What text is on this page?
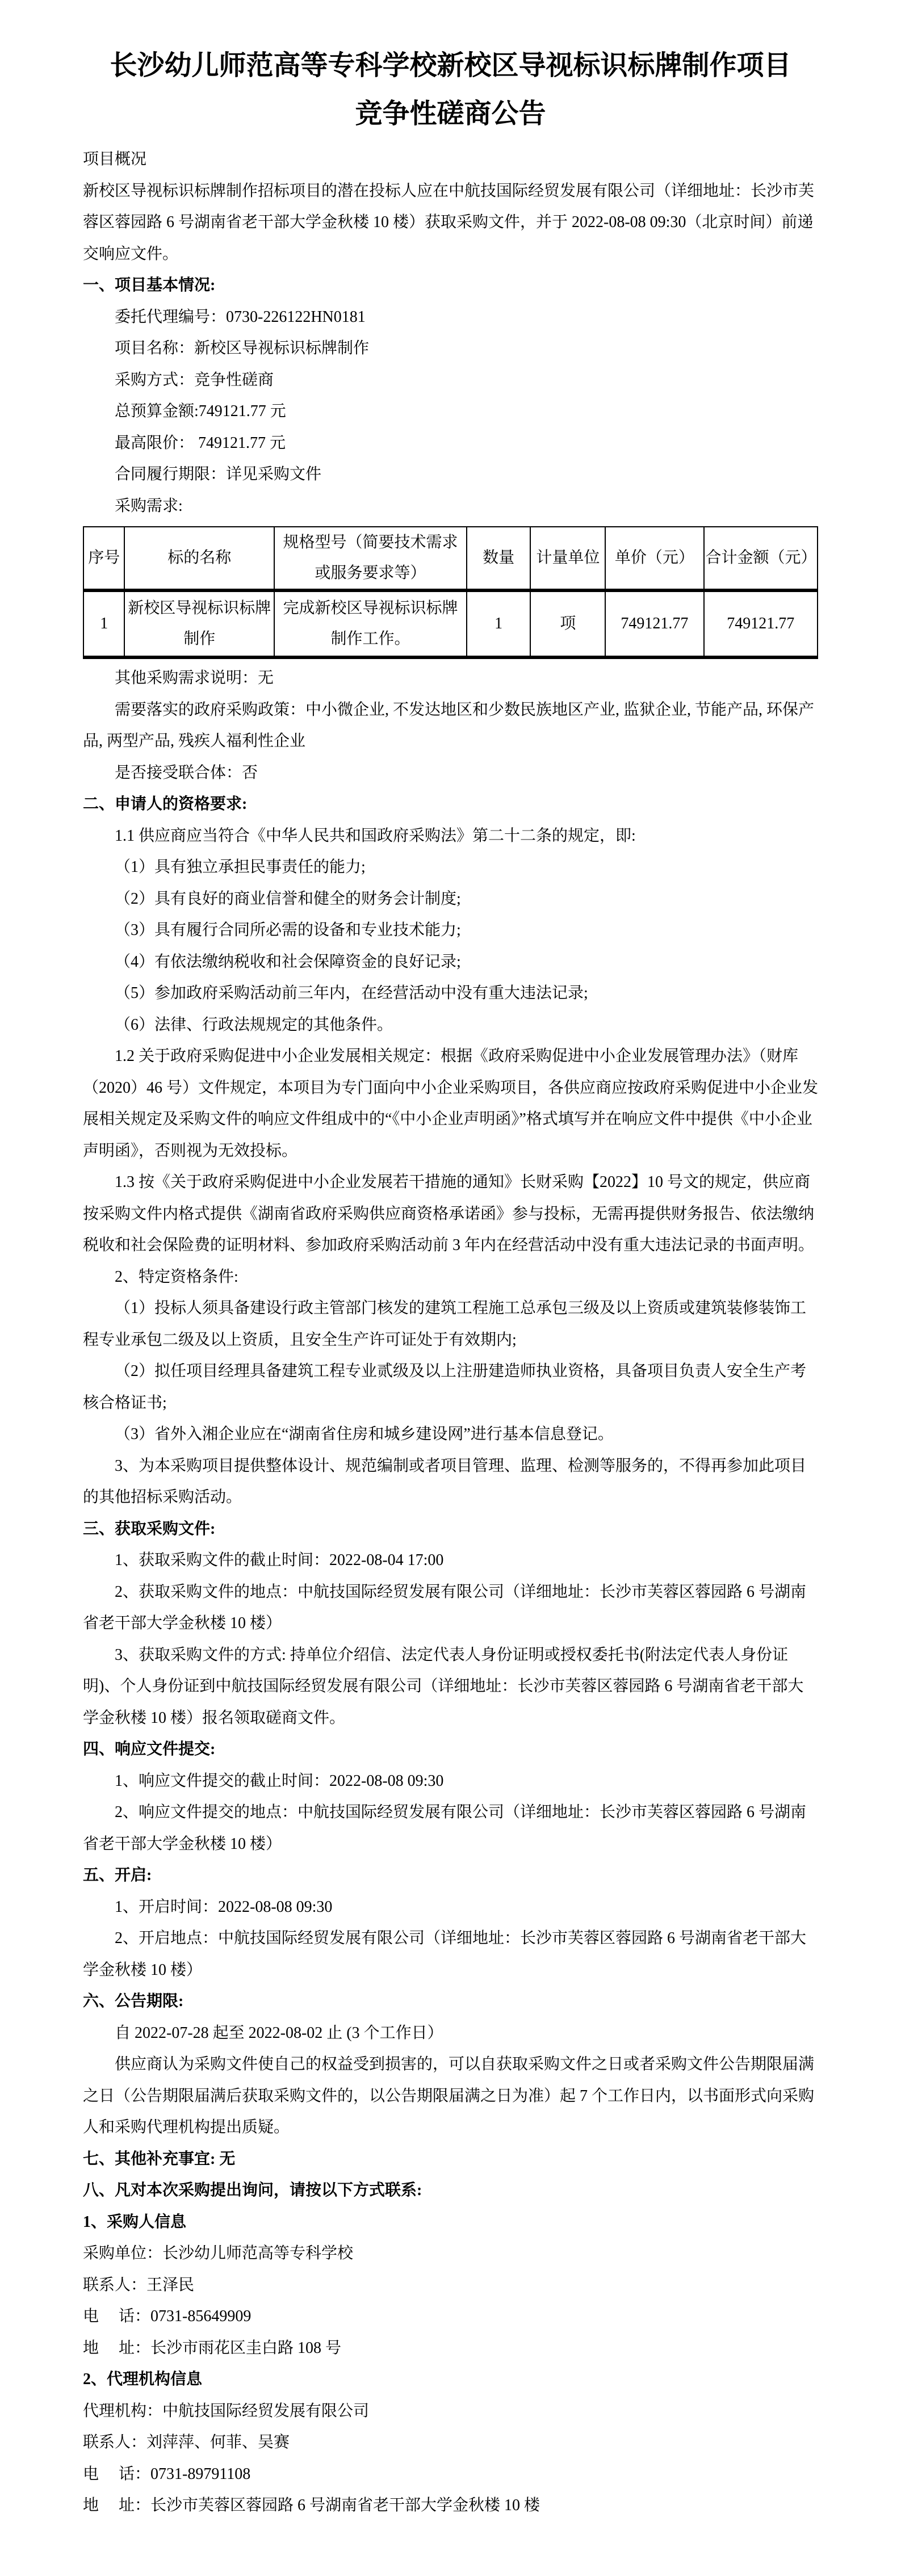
长沙幼儿师范高等专科学校新校区导视标识标牌制作项目
竞争性磋商公告

项目概况

新校区导视标识标牌制作招标项目的潜在投标人应在中航技国际经贸发展有限公司（详细地址：长沙市芙蓉区蓉园路 6 号湖南省老干部大学金秋楼 10 楼）获取采购文件，并于 2022-08-08 09:30（北京时间）前递交响应文件。

一、项目基本情况:

委托代理编号：0730-226122HN0181

项目名称：新校区导视标识标牌制作

采购方式：竞争性磋商

总预算金额:749121.77 元

最高限价： 749121.77 元

合同履行期限：详见采购文件

采购需求:

序号	标的名称	规格型号（简要技术需求或服务要求等）	数量	计量单位	单价（元）	合计金额（元）
1	新校区导视标识标牌制作	完成新校区导视标识标牌制作工作。	1	项	749121.77	749121.77

其他采购需求说明：无

需要落实的政府采购政策：中小微企业, 不发达地区和少数民族地区产业, 监狱企业, 节能产品, 环保产品, 两型产品, 残疾人福利性企业

是否接受联合体：否

二、申请人的资格要求:

1.1 供应商应当符合《中华人民共和国政府采购法》第二十二条的规定，即:

（1）具有独立承担民事责任的能力;

（2）具有良好的商业信誉和健全的财务会计制度;

（3）具有履行合同所必需的设备和专业技术能力;

（4）有依法缴纳税收和社会保障资金的良好记录;

（5）参加政府采购活动前三年内，在经营活动中没有重大违法记录;

（6）法律、行政法规规定的其他条件。

1.2 关于政府采购促进中小企业发展相关规定：根据《政府采购促进中小企业发展管理办法》（财库（2020）46 号）文件规定，本项目为专门面向中小企业采购项目，各供应商应按政府采购促进中小企业发展相关规定及采购文件的响应文件组成中的“《中小企业声明函》”格式填写并在响应文件中提供《中小企业声明函》，否则视为无效投标。

1.3 按《关于政府采购促进中小企业发展若干措施的通知》长财采购【2022】10 号文的规定，供应商按采购文件内格式提供《湖南省政府采购供应商资格承诺函》参与投标，无需再提供财务报告、依法缴纳税收和社会保险费的证明材料、参加政府采购活动前 3 年内在经营活动中没有重大违法记录的书面声明。

2、特定资格条件:

（1）投标人须具备建设行政主管部门核发的建筑工程施工总承包三级及以上资质或建筑装修装饰工程专业承包二级及以上资质，且安全生产许可证处于有效期内;

（2）拟任项目经理具备建筑工程专业贰级及以上注册建造师执业资格，具备项目负责人安全生产考核合格证书;

（3）省外入湘企业应在“湖南省住房和城乡建设网”进行基本信息登记。

3、为本采购项目提供整体设计、规范编制或者项目管理、监理、检测等服务的，不得再参加此项目的其他招标采购活动。

三、获取采购文件:

1、获取采购文件的截止时间：2022-08-04 17:00

2、获取采购文件的地点：中航技国际经贸发展有限公司（详细地址：长沙市芙蓉区蓉园路 6 号湖南省老干部大学金秋楼 10 楼）

3、获取采购文件的方式: 持单位介绍信、法定代表人身份证明或授权委托书(附法定代表人身份证明)、个人身份证到中航技国际经贸发展有限公司（详细地址：长沙市芙蓉区蓉园路 6 号湖南省老干部大学金秋楼 10 楼）报名领取磋商文件。

四、响应文件提交:

1、响应文件提交的截止时间：2022-08-08 09:30

2、响应文件提交的地点：中航技国际经贸发展有限公司（详细地址：长沙市芙蓉区蓉园路 6 号湖南省老干部大学金秋楼 10 楼）

五、开启:

1、开启时间：2022-08-08 09:30

2、开启地点：中航技国际经贸发展有限公司（详细地址：长沙市芙蓉区蓉园路 6 号湖南省老干部大学金秋楼 10 楼）

六、公告期限:

自 2022-07-28 起至 2022-08-02 止 (3 个工作日）

供应商认为采购文件使自己的权益受到损害的，可以自获取采购文件之日或者采购文件公告期限届满之日（公告期限届满后获取采购文件的，以公告期限届满之日为准）起 7 个工作日内，以书面形式向采购人和采购代理机构提出质疑。

七、其他补充事宜: 无

八、凡对本次采购提出询问，请按以下方式联系:

1、采购人信息

采购单位：长沙幼儿师范高等专科学校

联系人：王泽民

电　 话：0731-85649909

地　 址：长沙市雨花区圭白路 108 号

2、代理机构信息

代理机构：中航技国际经贸发展有限公司

联系人：刘萍萍、何菲、吴赛

电　 话：0731-89791108

地　 址：长沙市芙蓉区蓉园路 6 号湖南省老干部大学金秋楼 10 楼
